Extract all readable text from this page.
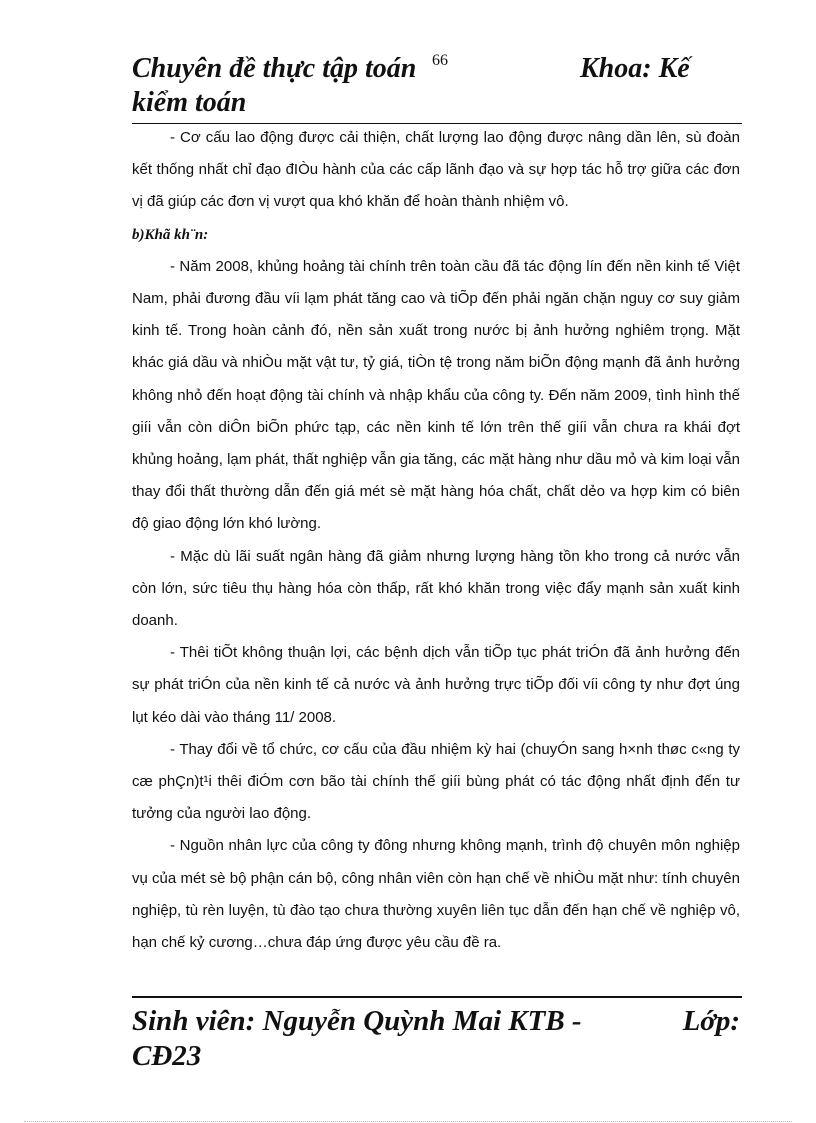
Chuyên đề thực tập toán kiểm toán
66	Khoa: Kế

- Cơ cấu lao động được cải thiện, chất lượng lao động được nâng dần lên, sù đoàn kết thống nhất chỉ đạo đIÒu hành của các cấp lãnh đạo và sự hợp tác hỗ trợ giữa các đơn vị đã giúp các đơn vị vượt qua khó khăn để hoàn thành nhiệm vô.

b)Khã kh¨n:

- Năm 2008, khủng hoảng tài chính trên toàn cầu đã tác động lín đến nền kinh tế Việt Nam, phải đương đầu víi lạm phát tăng cao và tiÕp đến phải ngăn chặn nguy cơ suy giảm kinh tế. Trong hoàn cảnh đó, nền sản xuất trong nước bị ảnh hưởng nghiêm trọng. Mặt khác giá dầu và nhiÒu mặt vật tư, tỷ giá, tiÒn tệ trong năm biÕn động mạnh đã ảnh hưởng không nhỏ đến hoạt động tài chính và nhập khẩu của công ty. Đến năm 2009, tình hình thế giíi vẫn còn diÔn biÕn phức tạp, các nền kinh tế lớn trên thế giíi vẫn chưa ra khái đợt khủng hoảng, lạm phát, thất nghiệp vẫn gia tăng, các mặt hàng như dầu mỏ và kim loại vẫn thay đổi thất thường dẫn đến giá mét sè mặt hàng hóa chất, chất dẻo va hợp kim có biên độ giao động lớn khó lường.

- Mặc dù lãi suất ngân hàng đã giảm nhưng lượng hàng tồn kho trong cả nước vẫn còn lớn, sức tiêu thụ hàng hóa còn thấp, rất khó khăn trong việc đẩy mạnh sản xuất kinh doanh.

- Thêi tiÕt không thuận lợi, các bệnh dịch vẫn tiÕp tục phát triÓn đã ảnh hưởng đến sự phát triÓn của nền kinh tế cả nước và ảnh hưởng trực tiÕp đối víi công ty như đợt úng lụt kéo dài vào tháng 11/ 2008.

- Thay đổi về tổ chức, cơ cấu của đầu nhiệm kỳ hai (chuyÓn sang h×nh thøc c«ng ty cæ phÇn)t¹i thêi điÓm cơn bão tài chính thế giíi bùng phát có tác động nhất định đến tư tưởng của người lao động.

- Nguồn nhân lực của công ty đông nhưng không mạnh, trình độ chuyên môn nghiệp vụ của mét sè bộ phận cán bộ, công nhân viên còn hạn chế về nhiÒu mặt như: tính chuyên nghiệp, tù rèn luyện, tù đào tạo chưa thường xuyên liên tục dẫn đến hạn chế về nghiệp vô, hạn chế kỷ cương…chưa đáp ứng được yêu cầu đề ra.

Sinh viên: Nguyễn Quỳnh Mai KTB - CĐ23
Lớp:
